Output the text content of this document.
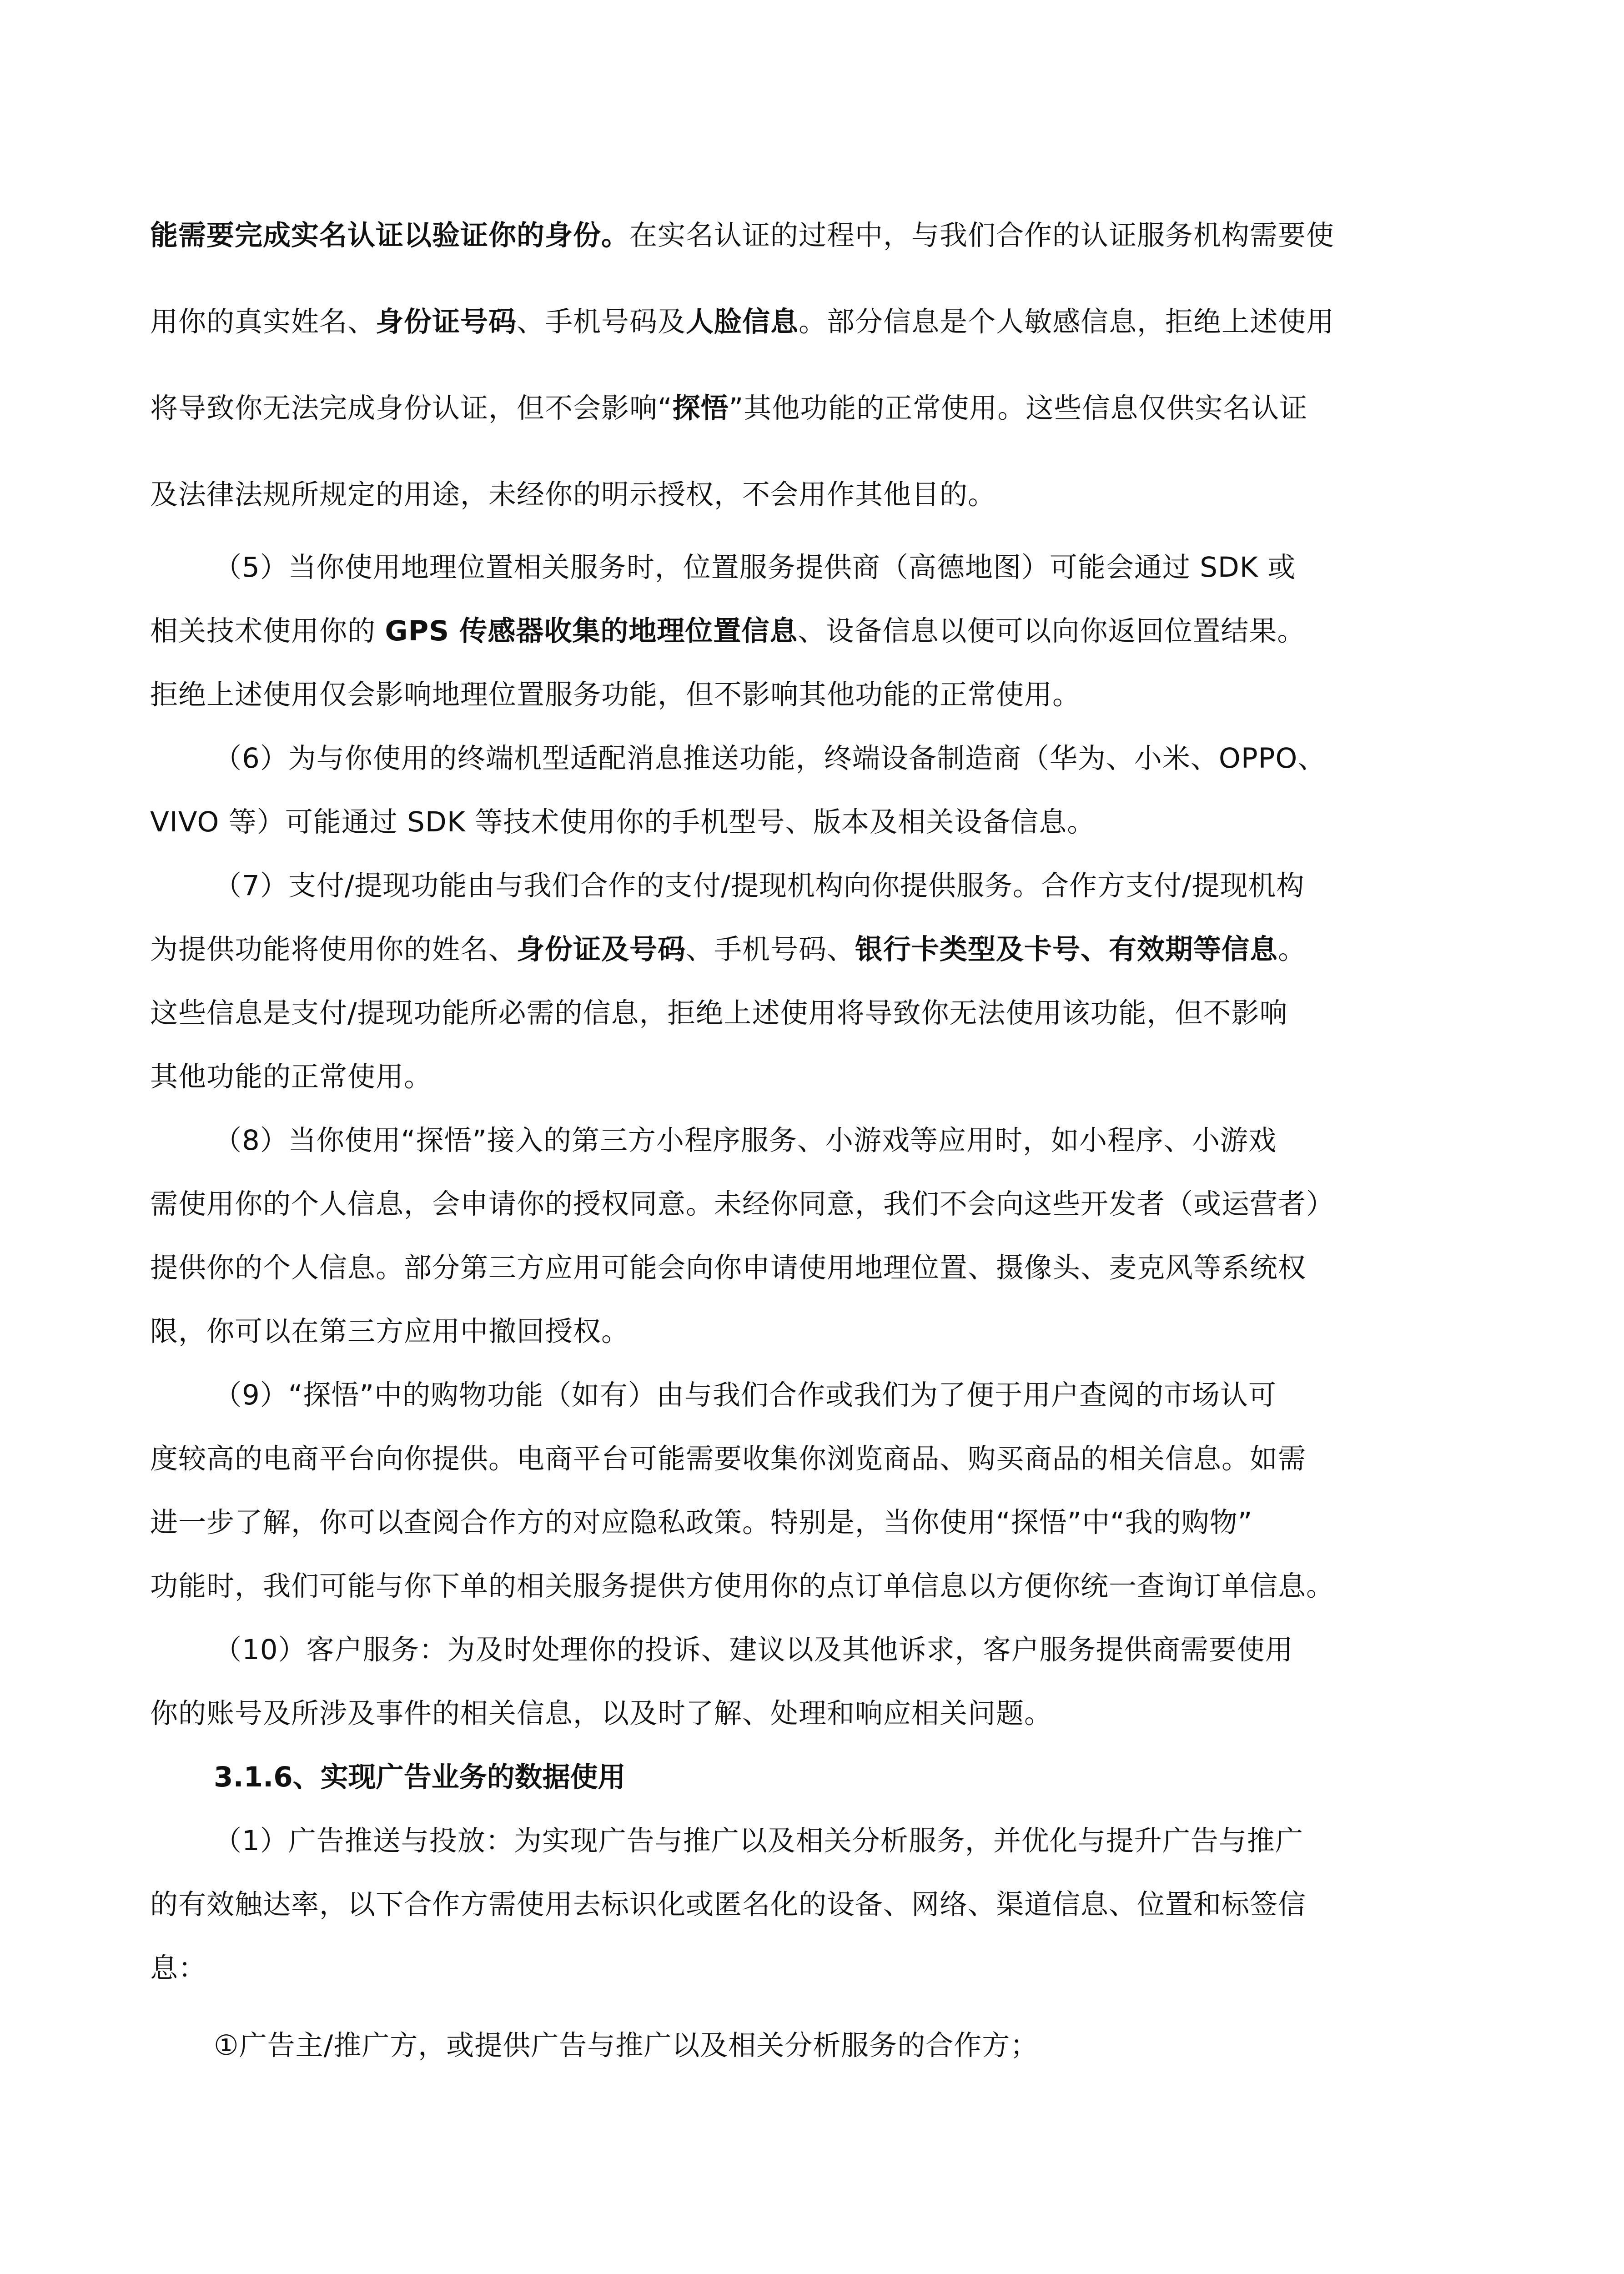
能需要完成实名认证以验证你的身份。在实名认证的过程中，与我们合作的认证服务机构需要使
用你的真实姓名、身份证号码、手机号码及人脸信息。部分信息是个人敏感信息，拒绝上述使用
将导致你无法完成身份认证，但不会影响“探悟”其他功能的正常使用。这些信息仅供实名认证
及法律法规所规定的用途，未经你的明示授权，不会用作其他目的。
（5）当你使用地理位置相关服务时，位置服务提供商（高德地图）可能会通过 SDK 或
相关技术使用你的 GPS 传感器收集的地理位置信息、设备信息以便可以向你返回位置结果。
拒绝上述使用仅会影响地理位置服务功能，但不影响其他功能的正常使用。
（6）为与你使用的终端机型适配消息推送功能，终端设备制造商（华为、小米、OPPO、
VIVO 等）可能通过 SDK 等技术使用你的手机型号、版本及相关设备信息。
（7）支付/提现功能由与我们合作的支付/提现机构向你提供服务。合作方支付/提现机构
为提供功能将使用你的姓名、身份证及号码、手机号码、银行卡类型及卡号、有效期等信息。
这些信息是支付/提现功能所必需的信息，拒绝上述使用将导致你无法使用该功能，但不影响
其他功能的正常使用。
（8）当你使用“探悟”接入的第三方小程序服务、小游戏等应用时，如小程序、小游戏
需使用你的个人信息，会申请你的授权同意。未经你同意，我们不会向这些开发者（或运营者）
提供你的个人信息。部分第三方应用可能会向你申请使用地理位置、摄像头、麦克风等系统权
限，你可以在第三方应用中撤回授权。
（9）“探悟”中的购物功能（如有）由与我们合作或我们为了便于用户查阅的市场认可
度较高的电商平台向你提供。电商平台可能需要收集你浏览商品、购买商品的相关信息。如需
进一步了解，你可以查阅合作方的对应隐私政策。特别是，当你使用“探悟”中“我的购物”
功能时，我们可能与你下单的相关服务提供方使用你的点订单信息以方便你统一查询订单信息。
（10）客户服务：为及时处理你的投诉、建议以及其他诉求，客户服务提供商需要使用
你的账号及所涉及事件的相关信息，以及时了解、处理和响应相关问题。
3.1.6、实现广告业务的数据使用
（1）广告推送与投放：为实现广告与推广以及相关分析服务，并优化与提升广告与推广
的有效触达率，以下合作方需使用去标识化或匿名化的设备、网络、渠道信息、位置和标签信
息：
①广告主/推广方，或提供广告与推广以及相关分析服务的合作方；
